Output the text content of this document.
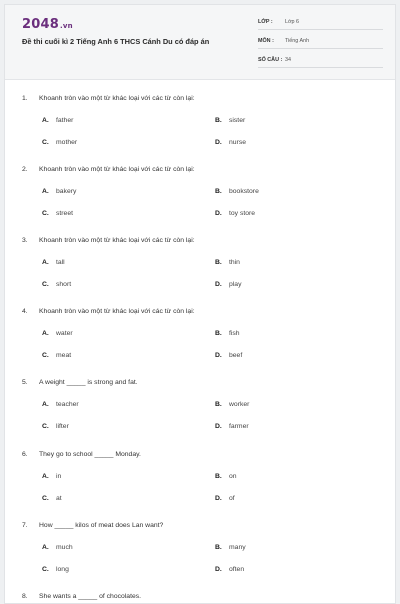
2048.vn
Đề thi cuối kì 2 Tiếng Anh 6 THCS Cánh Du có đáp án
LỚP : Lớp 6
MÔN : Tiếng Anh
SỐ CÂU : 34
1. Khoanh tròn vào một từ khác loại với các từ còn lại:
A. father	B. sister
C. mother	D. nurse
2. Khoanh tròn vào một từ khác loại với các từ còn lại:
A. bakery	B. bookstore
C. street	D. toy store
3. Khoanh tròn vào một từ khác loại với các từ còn lại:
A. tall	B. thin
C. short	D. play
4. Khoanh tròn vào một từ khác loại với các từ còn lại:
A. water	B. fish
C. meat	D. beef
5. A weight _____ is strong and fat.
A. teacher	B. worker
C. lifter	D. farmer
6. They go to school _____ Monday.
A. in	B. on
C. at	D. of
7. How _____ kilos of meat does Lan want?
A. much	B. many
C. long	D. often
8. She wants a _____ of chocolates.
